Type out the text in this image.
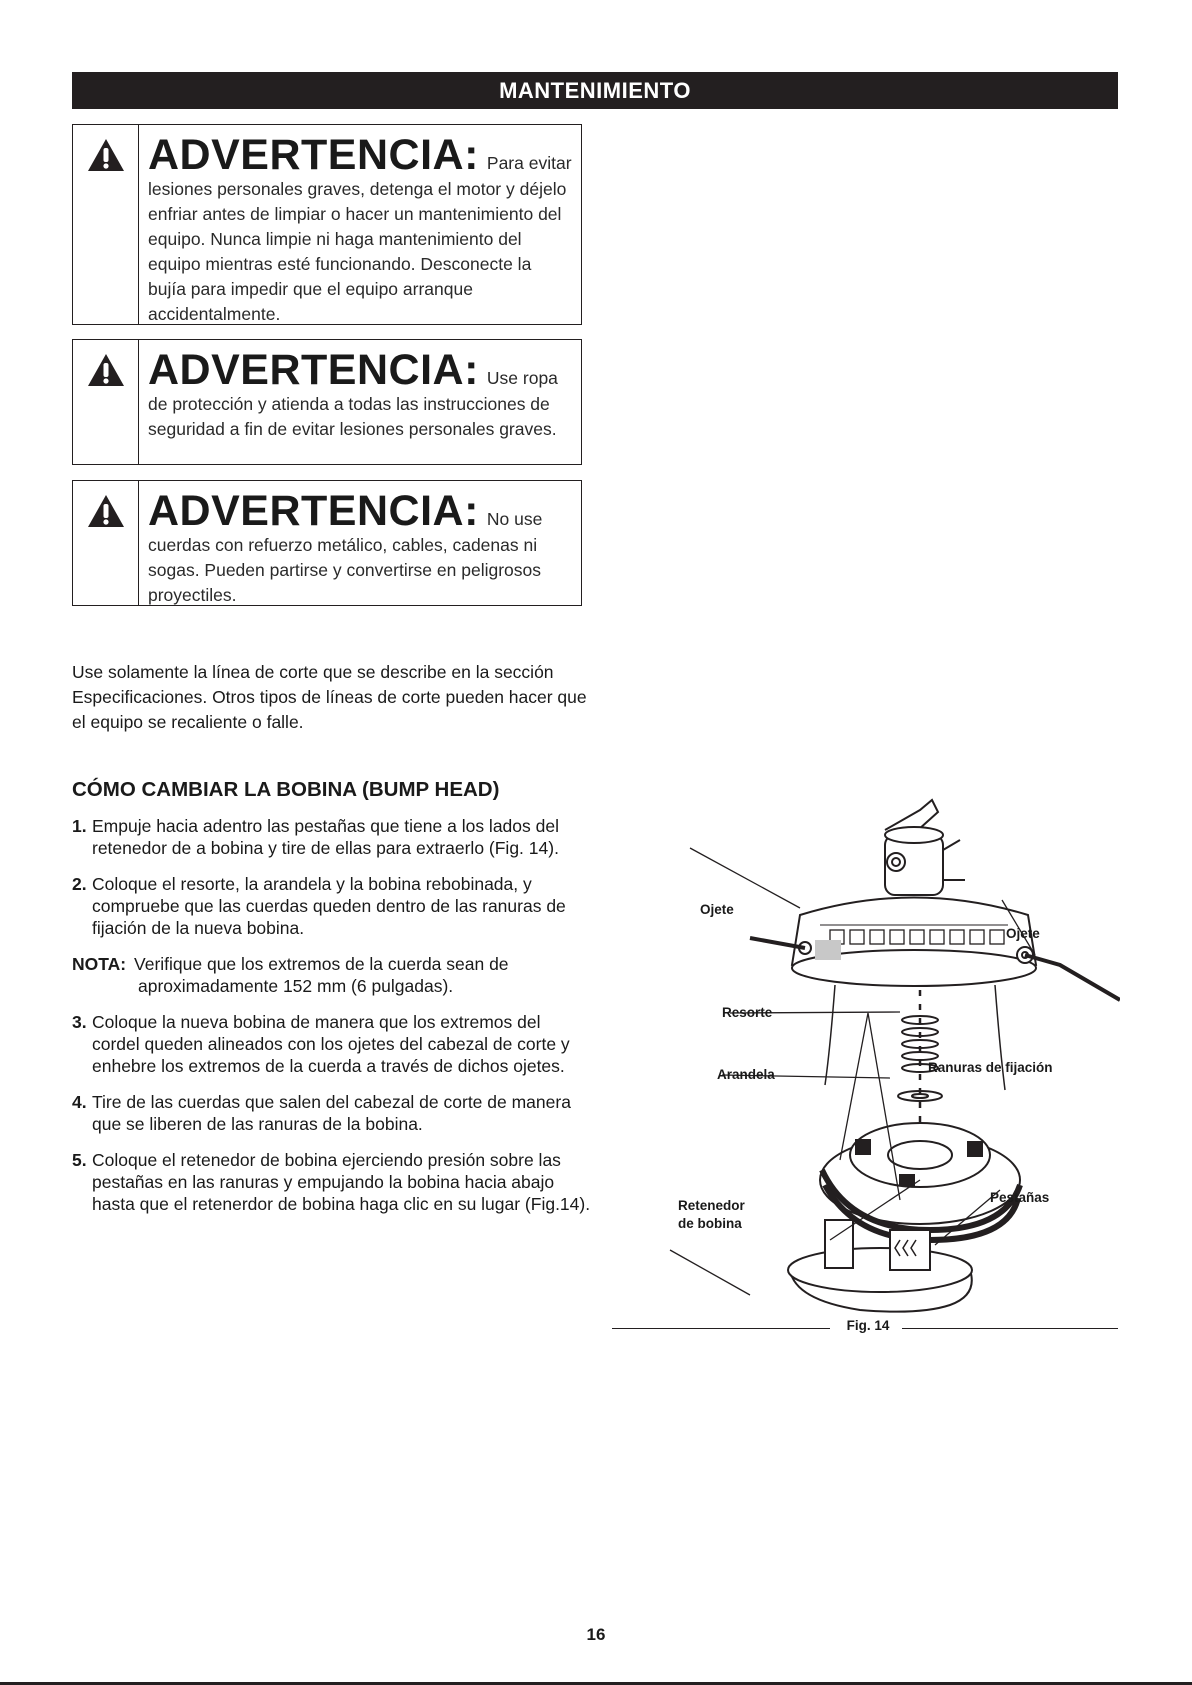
MANTENIMIENTO
ADVERTENCIA: Para evitar lesiones personales graves, detenga el motor y déjelo enfriar antes de limpiar o hacer un mantenimiento del equipo. Nunca limpie ni haga mantenimiento del equipo mientras esté funcionando. Desconecte la bujía para impedir que el equipo arranque accidentalmente.
ADVERTENCIA: Use ropa de protección y atienda a todas las instrucciones de seguridad a fin de evitar lesiones personales graves.
ADVERTENCIA: No use cuerdas con refuerzo metálico, cables, cadenas ni sogas. Pueden partirse y convertirse en peligrosos proyectiles.
Use solamente la línea de corte que se describe en la sección Especificaciones. Otros tipos de líneas de corte pueden hacer que el equipo se recaliente o falle.
CÓMO CAMBIAR LA BOBINA (BUMP HEAD)
1. Empuje hacia adentro las pestañas que tiene a los lados del retenedor de a bobina y tire de ellas para extraerlo (Fig. 14).
2. Coloque el resorte, la arandela y la bobina rebobinada, y compruebe que las cuerdas queden dentro de las ranuras de fijación de la nueva bobina.
NOTA: Verifique que los extremos de la cuerda sean de
aproximadamente 152 mm (6 pulgadas).
3. Coloque la nueva bobina de manera que los extremos del cordel queden alineados con los ojetes del cabezal de corte y enhebre los extremos de la cuerda a través de dichos ojetes.
4. Tire de las cuerdas que salen del cabezal de corte de manera que se liberen de las ranuras de la bobina.
5. Coloque el retenedor de bobina ejerciendo presión sobre las pestañas en las ranuras y empujando la bobina hacia abajo hasta que el retenerdor de bobina haga clic en su lugar (Fig.14).
Ojete
Ojete
Resorte
Arandela	Ranuras de fijación
Retenedor
de bobina
Pestañas
Fig. 14
16
